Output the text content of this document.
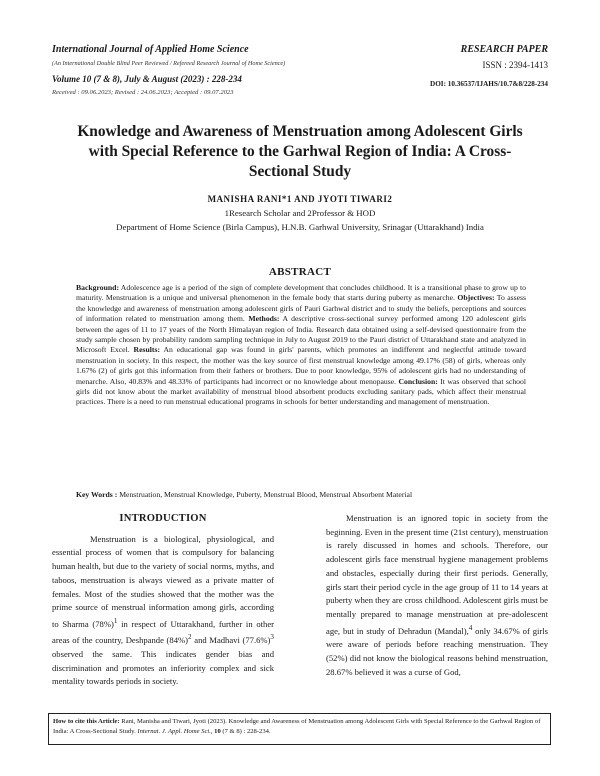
International Journal of Applied Home Science
(An International Double Blind Peer Reviewed / Refereed Research Journal of Home Science)
Volume 10 (7 & 8), July & August (2023) : 228-234
Received : 09.06.2023; Revised : 24.06.2023; Accepted : 09.07.2023
RESEARCH PAPER
ISSN : 2394-1413
DOI: 10.36537/IJAHS/10.7&8/228-234
Knowledge and Awareness of Menstruation among Adolescent Girls with Special Reference to the Garhwal Region of India: A Cross-Sectional Study
MANISHA RANI*1 AND JYOTI TIWARI2
1Research Scholar and 2Professor & HOD
Department of Home Science (Birla Campus), H.N.B. Garhwal University, Srinagar (Uttarakhand) India
ABSTRACT
Background: Adolescence age is a period of the sign of complete development that concludes childhood. It is a transitional phase to grow up to maturity. Menstruation is a unique and universal phenomenon in the female body that starts during puberty as menarche. Objectives: To assess the knowledge and awareness of menstruation among adolescent girls of Pauri Garhwal district and to study the beliefs, perceptions and sources of information related to menstruation among them. Methods: A descriptive cross-sectional survey performed among 120 adolescent girls between the ages of 11 to 17 years of the North Himalayan region of India. Research data obtained using a self-devised questionnaire from the study sample chosen by probability random sampling technique in July to August 2019 to the Pauri district of Uttarakhand state and analyzed in Microsoft Excel. Results: An educational gap was found in girls' parents, which promotes an indifferent and neglectful attitude toward menstruation in society. In this respect, the mother was the key source of first menstrual knowledge among 49.17% (58) of girls, whereas only 1.67% (2) of girls got this information from their fathers or brothers. Due to poor knowledge, 95% of adolescent girls had no understanding of menarche. Also, 40.83% and 48.33% of participants had incorrect or no knowledge about menopause. Conclusion: It was observed that school girls did not know about the market availability of menstrual blood absorbent products excluding sanitary pads, which affect their menstrual practices. There is a need to run menstrual educational programs in schools for better understanding and management of menstruation.
Key Words : Menstruation, Menstrual Knowledge, Puberty, Menstrual Blood, Menstrual Absorbent Material
INTRODUCTION

Menstruation is a biological, physiological, and essential process of women that is compulsory for balancing human health, but due to the variety of social norms, myths, and taboos, menstruation is always viewed as a private matter of females. Most of the studies showed that the mother was the prime source of menstrual information among girls, according to Sharma $(78\%)^1$ in respect of Uttarakhand, further in other areas of the country, Deshpande $(84\%)^2$ and Madhavi $(77.6\%)^3$ observed the same. This indicates gender bias and discrimination and promotes an inferiority complex and sick mentality towards periods in society.

Menstruation is an ignored topic in society from the beginning. Even in the present time (21st century), menstruation is rarely discussed in homes and schools. Therefore, our adolescent girls face menstrual hygiene management problems and obstacles, especially during their first periods. Generally, girls start their period cycle in the age group of 11 to 14 years at puberty when they are cross childhood. Adolescent girls must be mentally prepared to manage menstruation at pre-adolescent age, but in study of Dehradun (Mandal),$^4$ only 34.67% of girls were aware of periods before reaching menstruation. They (52%) did not know the biological reasons behind menstruation, 28.67% believed it was a curse of God,

How to cite this Article: Rani, Manisha and Tiwari, Jyoti (2023). Knowledge and Awareness of Menstruation among Adolescent Girls with Special Reference to the Garhwal Region of India: A Cross-Sectional Study. Internat. J. Appl. Home Sci., 10 (7 & 8) : 228-234.
